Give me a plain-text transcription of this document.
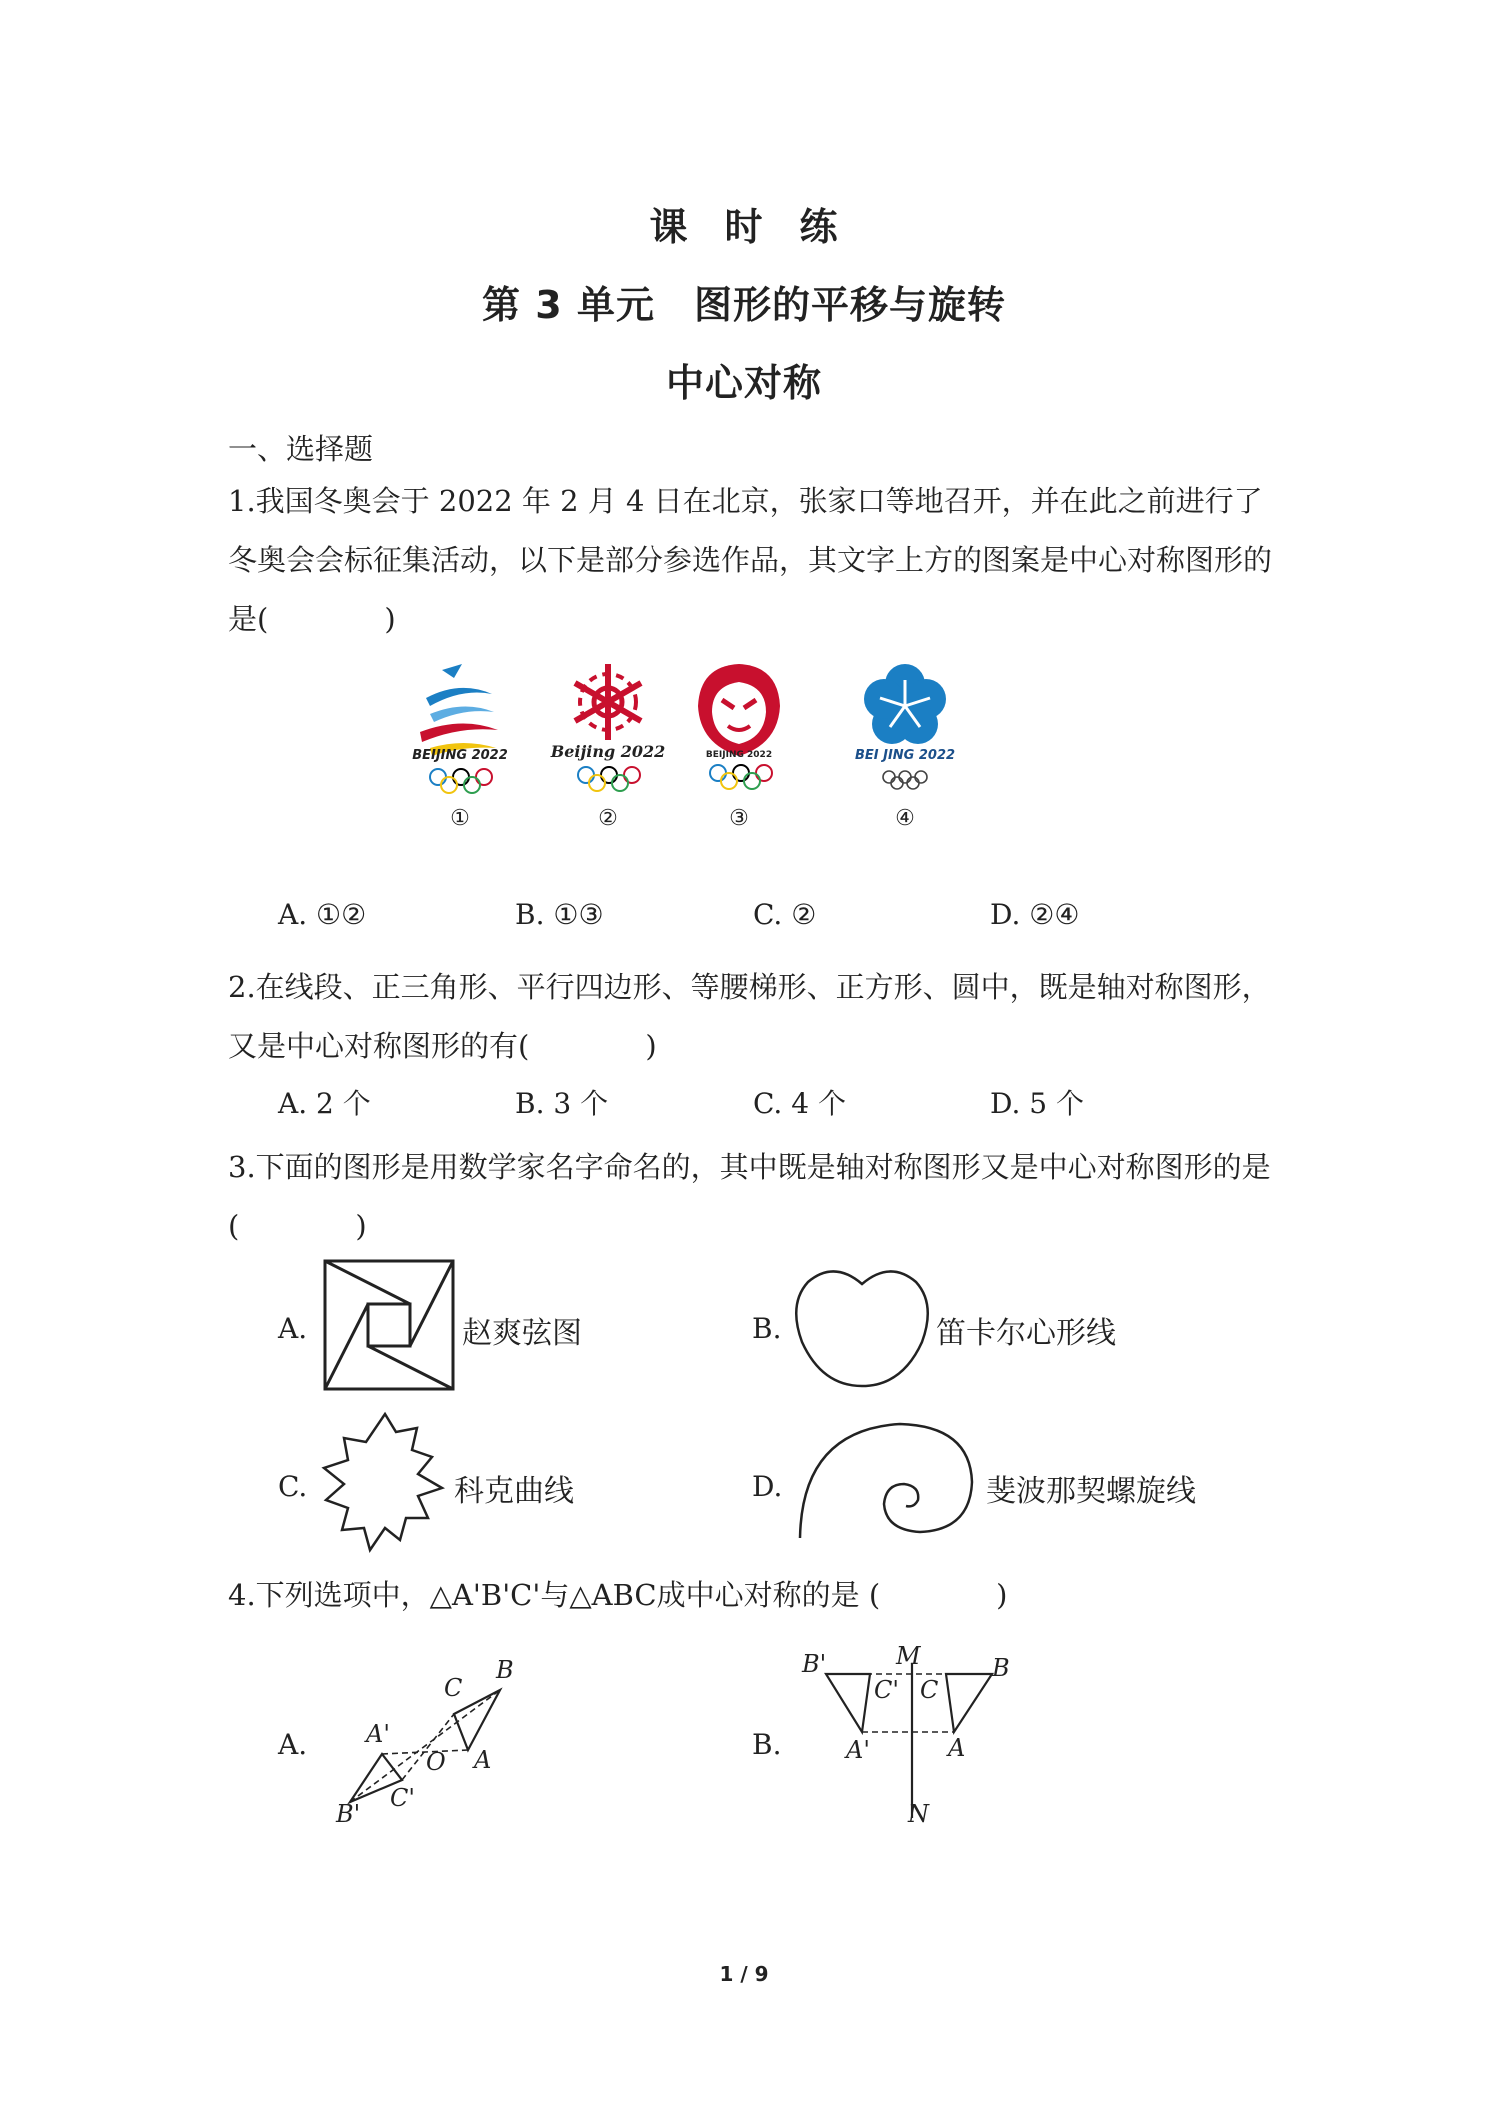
课 时 练
第 3 单元　图形的平移与旋转
中心对称
一、选择题
1.我国冬奥会于 2022 年 2 月 4 日在北京，张家口等地召开，并在此之前进行了冬奥会会标征集活动，以下是部分参选作品，其文字上方的图案是中心对称图形的是(　　　　)
BEIJING 2022
①
Beijing 2022
②
BEIJING 2022
③
BEI JING 2022
④
A. ①②	B. ①③	C. ②	D. ②④
2.在线段、正三角形、平行四边形、等腰梯形、正方形、圆中，既是轴对称图形，又是中心对称图形的有(　　　　)
A. 2 个	B. 3 个	C. 4 个	D. 5 个
3.下面的图形是用数学家名字命名的，其中既是轴对称图形又是中心对称图形的是(　　　　)
A.	赵爽弦图	B.	笛卡尔心形线
C.	科克曲线	D.	斐波那契螺旋线
4.下列选项中，△A'B'C'与△ABC成中心对称的是 (　　　　)
A.
B
C
A
A'
B'
C'
O
B.
B'	M
C' C
B
A'	A
N
1 / 9
